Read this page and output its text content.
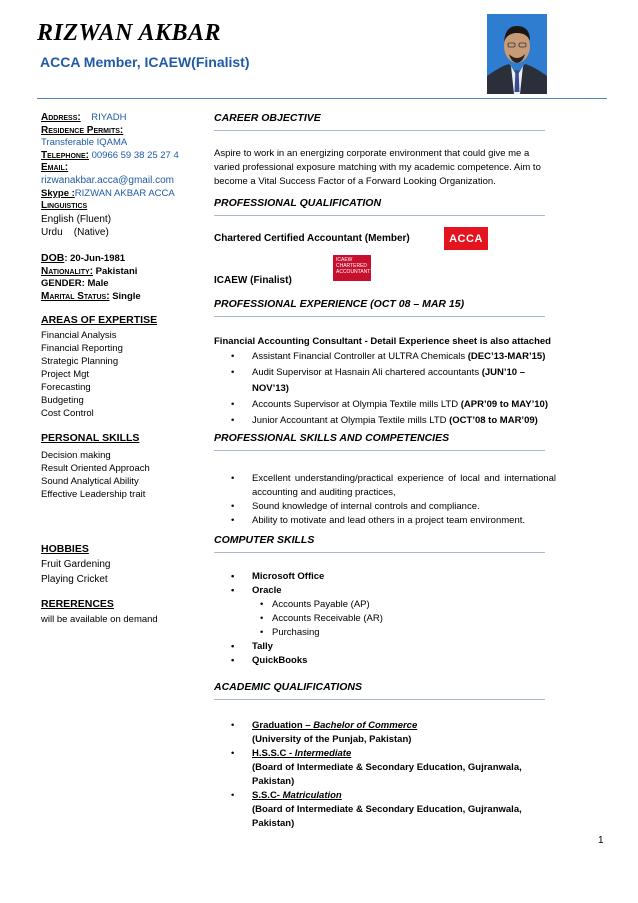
RIZWAN AKBAR
ACCA Member, ICAEW(Finalist)
Address: RIYADH
Residence Permits:
Transferable IQAMA
Telephone: 00966 59 38 25 27 4
Email:
rizwanakbar.acca@gmail.com
Skype :RIZWAN AKBAR ACCA
Linguistics
English (Fluent)
Urdu    (Native)
DOB: 20-Jun-1981
Nationality: Pakistani
GENDER: Male
Marital Status: Single
AREAS OF EXPERTISE
Financial Analysis
Financial Reporting
Strategic Planning
Project Mgt
Forecasting
Budgeting
Cost Control
PERSONAL SKILLS
Decision making
Result Oriented Approach
Sound Analytical Ability
Effective Leadership trait
HOBBIES
Fruit Gardening
Playing Cricket
RERERENCES
will be available on demand
CAREER OBJECTIVE
Aspire to work in an energizing corporate environment that could give me a varied professional exposure matching with my academic competence. Aim to become a Vital Success Factor of a Forward Looking Organization.
PROFESSIONAL QUALIFICATION
Chartered Certified Accountant (Member)	ACCA
ICAEW CHARTERED ACCOUNTANTS
ICAEW (Finalist)
PROFESSIONAL EXPERIENCE (OCT 08 – MAR 15)
Financial Accounting Consultant - Detail Experience sheet is also attached
• Assistant Financial Controller at ULTRA Chemicals (DEC’13-MAR’15)
• Audit Supervisor at Hasnain Ali chartered accountants (JUN’10 – NOV’13)
• Accounts Supervisor at Olympia Textile mills LTD (APR’09 to MAY’10)
• Junior Accountant at Olympia Textile mills LTD (OCT’08 to MAR’09)
PROFESSIONAL SKILLS AND COMPETENCIES
• Excellent understanding/practical experience of local and international accounting and auditing practices,
• Sound knowledge of internal controls and compliance.
• Ability to motivate and lead others in a project team environment.
COMPUTER SKILLS
• Microsoft Office
• Oracle
• Accounts Payable (AP)
• Accounts Receivable (AR)
• Purchasing
• Tally
• QuickBooks
ACADEMIC QUALIFICATIONS
• Graduation – Bachelor of Commerce
(University of the Punjab, Pakistan)
• H.S.S.C - Intermediate
(Board of Intermediate & Secondary Education, Gujranwala, Pakistan)
• S.S.C- Matriculation
(Board of Intermediate & Secondary Education, Gujranwala, Pakistan)
1
